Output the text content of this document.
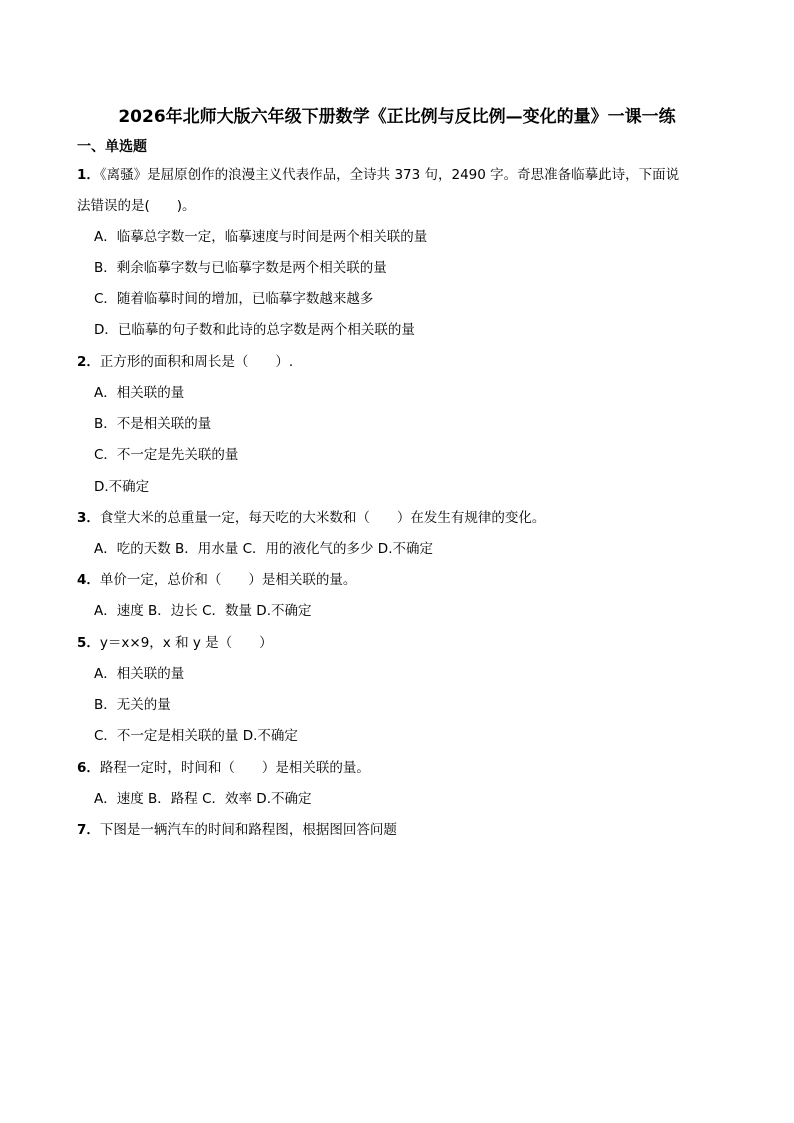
2026年北师大版六年级下册数学《正比例与反比例—变化的量》一课一练
一、单选题
1．《离骚》是屈原创作的浪漫主义代表作品，全诗共 373 句，2490 字。奇思准备临摹此诗，下面说
法错误的是(　　)。
A．临摹总字数一定，临摹速度与时间是两个相关联的量
B．剩余临摹字数与已临摹字数是两个相关联的量
C．随着临摹时间的增加，已临摹字数越来越多
D．已临摹的句子数和此诗的总字数是两个相关联的量
2．正方形的面积和周长是（　　）.
A．相关联的量
B．不是相关联的量
C．不一定是先关联的量
D.不确定
3．食堂大米的总重量一定，每天吃的大米数和（　　）在发生有规律的变化。
A．吃的天数 B．用水量 C．用的液化气的多少 D.不确定
4．单价一定，总价和（　　）是相关联的量。
A．速度 B．边长 C．数量 D.不确定
5．y＝x×9，x 和 y 是（　　）
A．相关联的量
B．无关的量
C．不一定是相关联的量 D.不确定
6．路程一定时，时间和（　　）是相关联的量。
A．速度 B．路程 C．效率 D.不确定
7．下图是一辆汽车的时间和路程图，根据图回答问题
